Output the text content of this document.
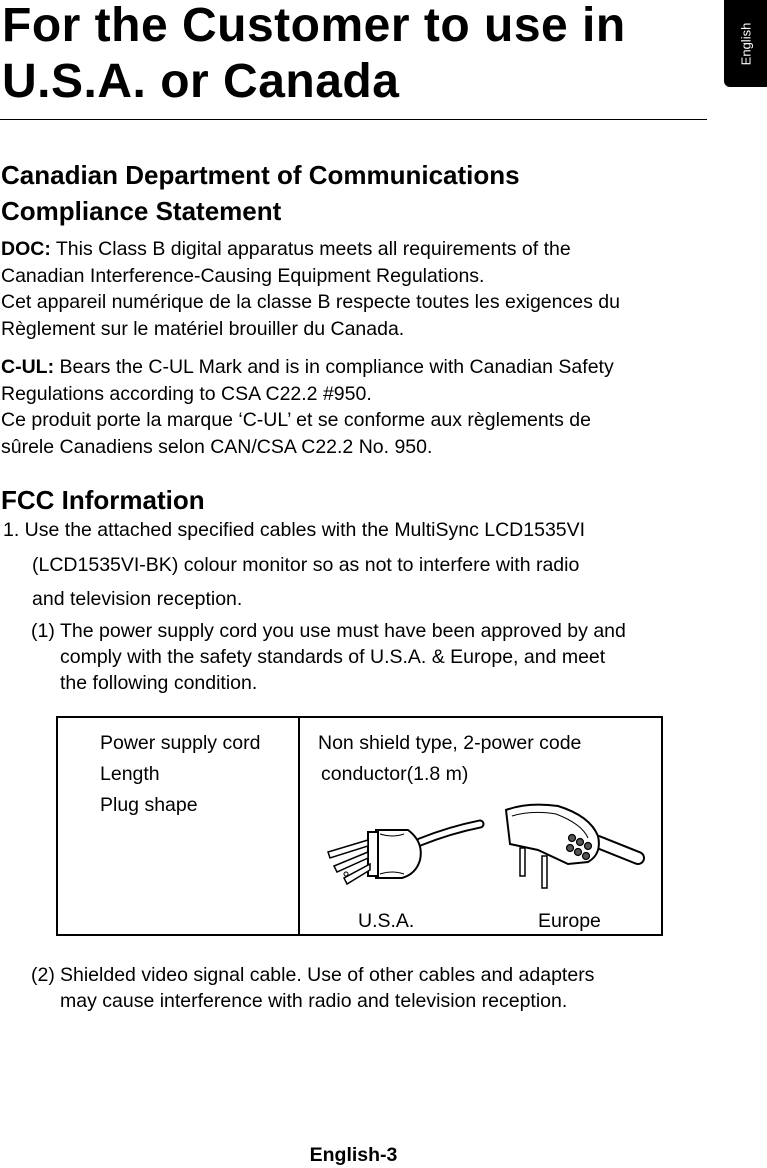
For the Customer to use in
U.S.A. or Canada
English
Canadian Department of Communications
Compliance Statement
DOC: This Class B digital apparatus meets all requirements of the
Canadian Interference-Causing Equipment Regulations.
Cet appareil numérique de la classe B respecte toutes les exigences du
Règlement sur le matériel brouiller du Canada.
C-UL: Bears the C-UL Mark and is in compliance with Canadian Safety
Regulations according to CSA C22.2 #950.
Ce produit porte la marque ‘C-UL’ et se conforme aux règlements de
sûrele Canadiens selon CAN/CSA C22.2 No. 950.
FCC Information
1. Use the attached specified cables with the MultiSync LCD1535VI
(LCD1535VI-BK) colour monitor so as not to interfere with radio
and television reception.
(1) The power supply cord you use must have been approved by and
comply with the safety standards of U.S.A. & Europe, and meet
the following condition.
Power supply cord
Length
Plug shape
Non shield type, 2-power code
conductor(1.8 m)
U.S.A.	Europe
(2) Shielded video signal cable. Use of other cables and adapters
may cause interference with radio and television reception.
English-3
